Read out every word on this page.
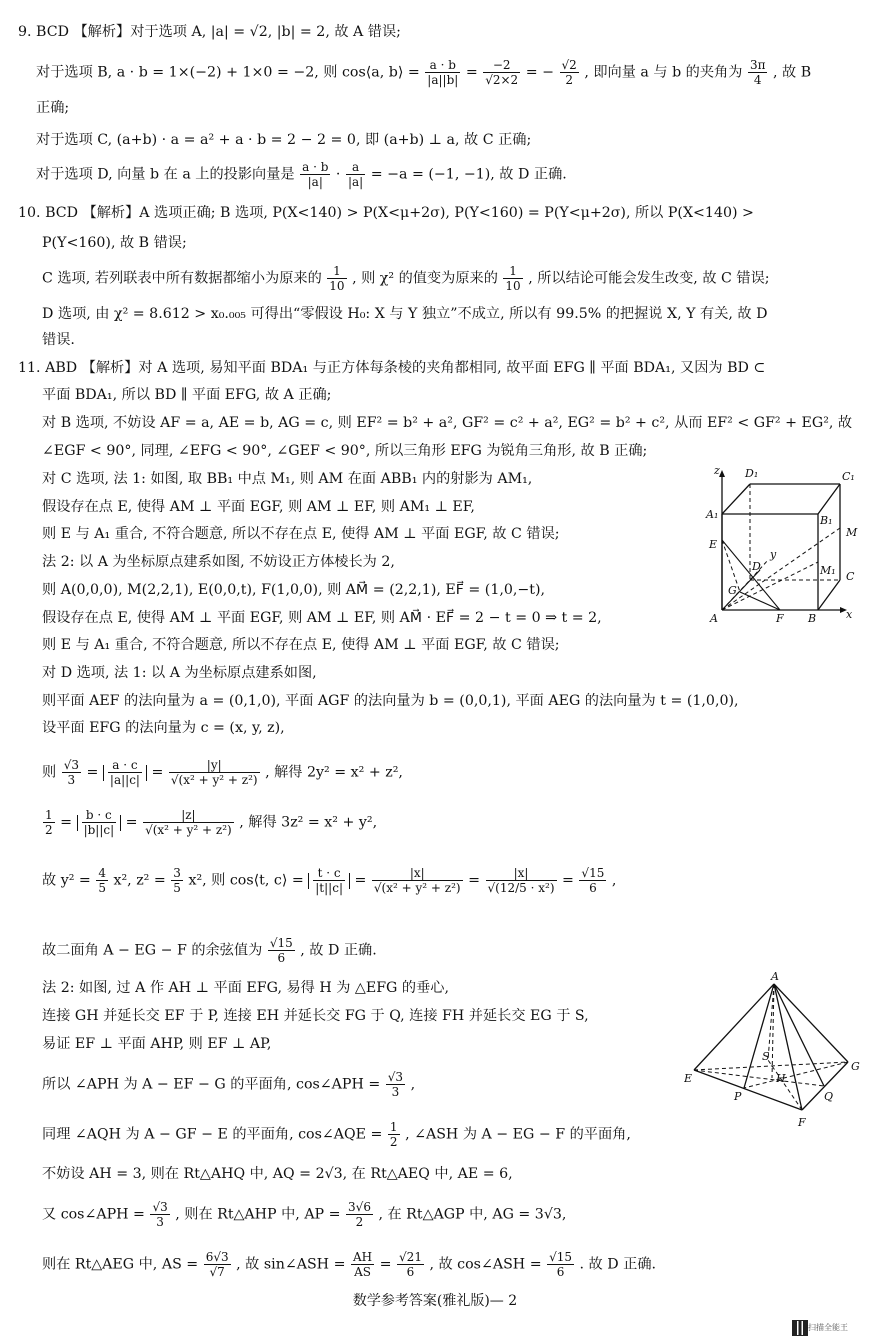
9. BCD 【解析】对于选项 A, |a| = √2, |b| = 2, 故 A 错误;
对于选项 B, a · b = 1×(−2) + 1×0 = −2, 则 cos⟨a, b⟩ = $\frac{a \cdot b}{|a||b|} = \frac{-2}{√2\times 2}$ = − $\frac{√2}{2}$ , 即向量 a 与 b 的夹角为 $\frac{3\pi}{4}$ , 故 B
正确;
对于选项 C, (a+b) · a = a² + a · b = 2 − 2 = 0, 即 (a+b) ⊥ a, 故 C 正确;
对于选项 D, 向量 b 在 a 上的投影向量是 $\frac{a \cdot b}{|a|} \cdot \frac{a}{|a|} = -a = (-1$, −1), 故 D 正确.
10. BCD 【解析】A 选项正确; B 选项, P(X<140) > P(X<μ+2σ), P(Y<160) = P(Y<μ+2σ), 所以 P(X<140) >
P(Y<160), 故 B 错误;
C 选项, 若列联表中所有数据都缩小为原来的 $\frac{1}{10}$ , 则 χ² 的值变为原来的 $\frac{1}{10}$ , 所以结论可能会发生改变, 故 C 错误;
D 选项, 由 χ² = 8.612 > x₀.₀₀₅ 可得出“零假设 H₀: X 与 Y 独立”不成立, 所以有 99.5% 的把握说 X, Y 有关, 故 D
错误.
11. ABD 【解析】对 A 选项, 易知平面 BDA₁ 与正方体每条棱的夹角都相同, 故平面 EFG ∥ 平面 BDA₁, 又因为 BD ⊂
平面 BDA₁, 所以 BD ∥ 平面 EFG, 故 A 正确;
对 B 选项, 不妨设 AF = a, AE = b, AG = c, 则 EF² = b² + a², GF² = c² + a², EG² = b² + c², 从而 EF² < GF² + EG², 故
∠EGF < 90°, 同理, ∠EFG < 90°, ∠GEF < 90°, 所以三角形 EFG 为锐角三角形, 故 B 正确;
对 C 选项, 法 1: 如图, 取 BB₁ 中点 M₁, 则 AM 在面 ABB₁ 内的射影为 AM₁,
假设存在点 E, 使得 AM ⊥ 平面 EGF, 则 AM ⊥ EF, 则 AM₁ ⊥ EF,
则 E 与 A₁ 重合, 不符合题意, 所以不存在点 E, 使得 AM ⊥ 平面 EGF, 故 C 错误;
法 2: 以 A 为坐标原点建系如图, 不妨设正方体棱长为 2,
则 A(0,0,0), M(2,2,1), E(0,0,t), F(1,0,0), 则 AM⃗ = (2,2,1), EF⃗ = (1,0,−t),
假设存在点 E, 使得 AM ⊥ 平面 EGF, 则 AM ⊥ EF, 则 AM⃗ · EF⃗ = 2 − t = 0 ⇒ t = 2,
则 E 与 A₁ 重合, 不符合题意, 所以不存在点 E, 使得 AM ⊥ 平面 EGF, 故 C 错误;
对 D 选项, 法 1: 以 A 为坐标原点建系如图,
则平面 AEF 的法向量为 a = (0,1,0), 平面 AGF 的法向量为 b = (0,0,1), 平面 AEG 的法向量为 t = (1,0,0),
设平面 EFG 的法向量为 c = (x, y, z),
则 $\frac{√3}{3} = \frac{a \cdot c}{|a||c|} = \frac{|y|}{\text{√(x² + y² + z²)}}$ , 解得 2y² = x² + z²,
$\frac{1}{2} = \frac{b \cdot c}{|b||c|} = \frac{|z|}{\text{√(x² + y² + z²)}}$ , 解得 3z² = x² + y²,
故 $y^2 = \frac{4}{5} x^2$, $z^2 = \frac{3}{5} x^2$, 则 cos⟨t, c⟩ = $\frac{t \cdot c}{|t||c|} = \frac{|x|}{\text{√(x² + y² + z²)}} = \frac{|x|}{\text{√(12/5 · x²)}} = \frac{√15}{6}$ ,
故二面角 A − EG − F 的余弦值为 $\frac{√15}{6}$ , 故 D 正确.
法 2: 如图, 过 A 作 AH ⊥ 平面 EFG, 易得 H 为 △EFG 的垂心,
连接 GH 并延长交 EF 于 P, 连接 EH 并延长交 FG 于 Q, 连接 FH 并延长交 EG 于 S,
易证 EF ⊥ 平面 AHP, 则 EF ⊥ AP,
所以 ∠APH 为 A − EF − G 的平面角, cos∠APH = $\frac{√3}{3}$ ,
同理 ∠AQH 为 A − GF − E 的平面角, cos∠AQE = $\frac{1}{2}$ , ∠ASH 为 A − EG − F 的平面角,
不妨设 AH = 3, 则在 Rt△AHQ 中, AQ = 2√3, 在 Rt△AEQ 中, AE = 6,
又 cos∠APH = $\frac{√3}{3}$ , 则在 Rt△AHP 中, AP = $\frac{3√6}{2}$ , 在 Rt△AGP 中, AG = 3√3,
则在 Rt△AEG 中, AS = $\frac{6√3}{√7}$ , 故 sin∠ASH = $\frac{AH}{AS} = \frac{√21}{6}$ , 故 cos∠ASH = $\frac{√15}{6}$ . 故 D 正确.
D₁	C₁
z
A₁	B₁
E
M
y
D	M₁ C
G
A	F B	x
A
S
H
E
G
P	Q
F
数学参考答案(雅礼版)— 2
扫描全能王
